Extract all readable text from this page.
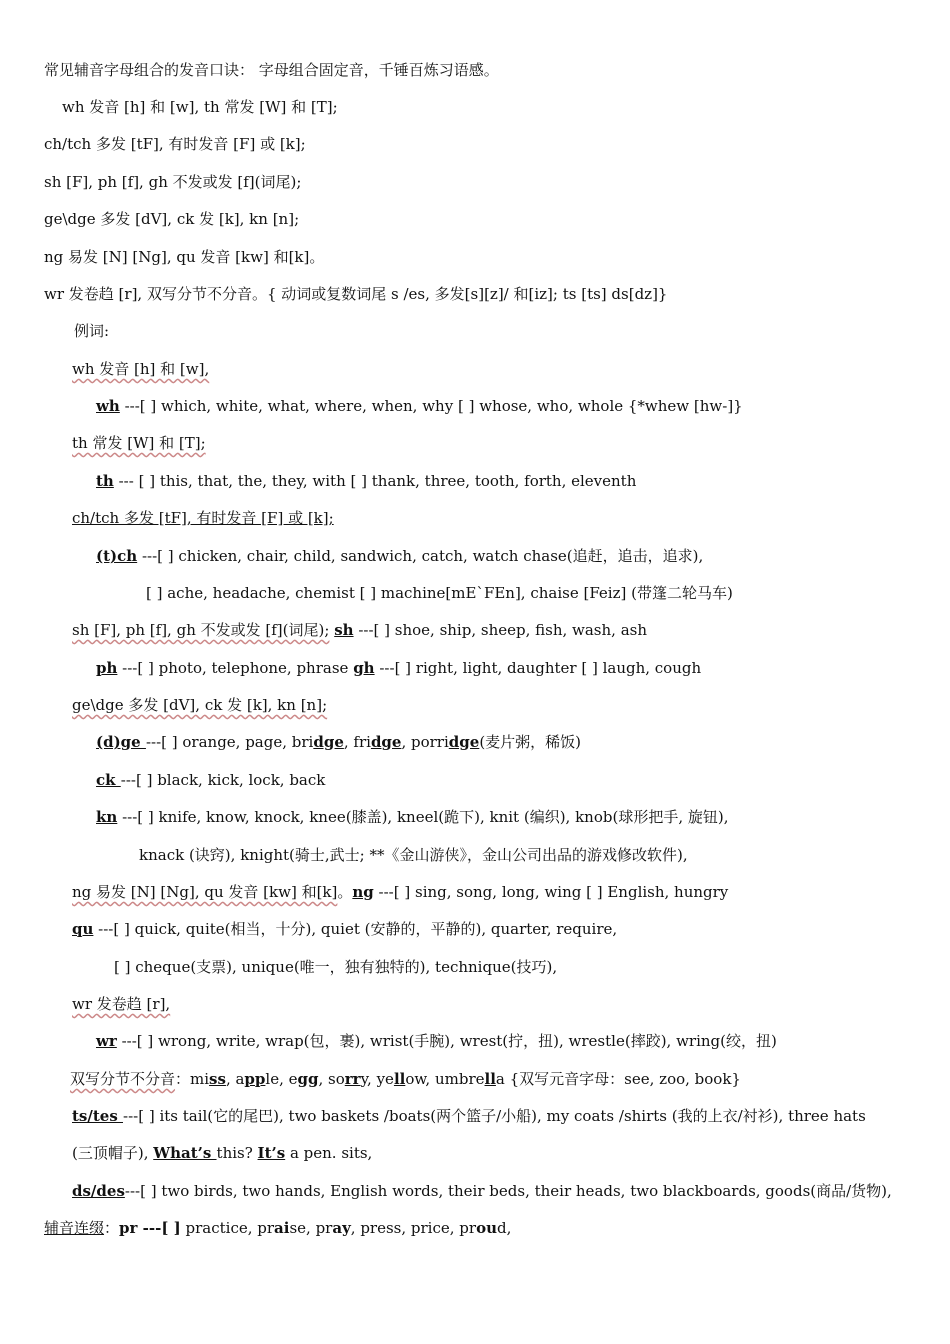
常见辅音字母组合的发音口诀： 字母组合固定音，千锤百炼习语感。
wh 发音 [h] 和 [w], th 常发 [W] 和 [T];
ch/tch 多发 [tF], 有时发音 [F] 或 [k];
sh [F], ph [f], gh 不发或发 [f](词尾);
ge\dge 多发 [dV], ck 发 [k], kn [n];
ng 易发 [N] [Ng], qu 发音 [kw] 和[k]。
wr 发卷趋 [r], 双写分节不分音。{ 动词或复数词尾 s /es, 多发[s][z]/ 和[iz]; ts [ts] ds[dz]}
例词:
wh 发音 [h] 和 [w],
wh ---[ ] which, white, what, where, when, why [ ] whose, who, whole {*whew [hw-]}
th 常发 [W] 和 [T];
th --- [ ] this, that, the, they, with [ ] thank, three, tooth, forth, eleventh
ch/tch 多发 [tF], 有时发音 [F] 或 [k];
(t)ch ---[ ] chicken, chair, child, sandwich, catch, watch chase(追赶，追击，追求),
[ ] ache, headache, chemist [ ] machine[mE`FEn], chaise [Feiz] (带篷二轮马车)
sh [F], ph [f], gh 不发或发 [f](词尾); sh ---[ ] shoe, ship, sheep, fish, wash, ash
ph ---[ ] photo, telephone, phrase gh ---[ ] right, light, daughter [ ] laugh, cough
ge\dge 多发 [dV], ck 发 [k], kn [n];
(d)ge ---[ ] orange, page, bridge, fridge, porridge(麦片粥，稀饭)
ck ---[ ] black, kick, lock, back
kn ---[ ] knife, know, knock, knee(膝盖), kneel(跪下), knit (编织), knob(球形把手, 旋钮),
knack (诀窍), knight(骑士,武士; **《金山游侠》，金山公司出品的游戏修改软件),
ng 易发 [N] [Ng], qu 发音 [kw] 和[k]。ng ---[ ] sing, song, long, wing [ ] English, hungry
qu ---[ ] quick, quite(相当，十分), quiet (安静的，平静的), quarter, require,
[ ] cheque(支票), unique(唯一，独有独特的), technique(技巧),
wr 发卷趋 [r],
wr ---[ ] wrong, write, wrap(包，裹), wrist(手腕), wrest(拧，扭), wrestle(摔跤), wring(绞，扭)
双写分节不分音：miss, apple, egg, sorry, yellow, umbrella {双写元音字母：see, zoo, book}
ts/tes ---[ ] its tail(它的尾巴), two baskets /boats(两个篮子/小船), my coats /shirts (我的上衣/衬衫), three hats
(三顶帽子), What’s this? It’s a pen. sits,
ds/des---[ ] two birds, two hands, English words, their beds, their heads, two blackboards, goods(商品/货物),
辅音连缀：pr ---[ ] practice, praise, pray, press, price, proud,
